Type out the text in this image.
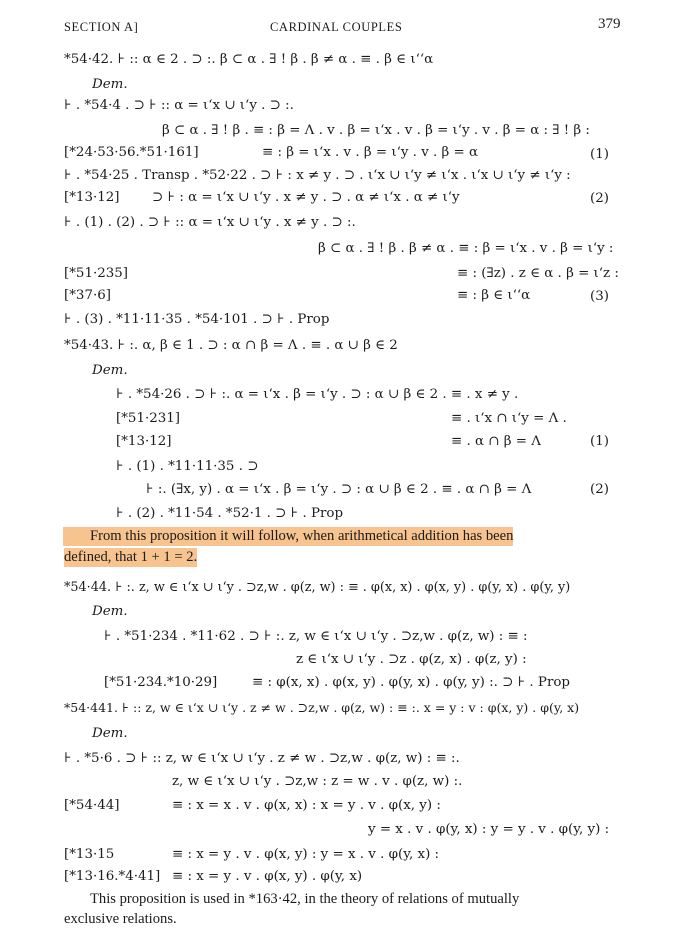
SECTION A]	CARDINAL COUPLES	379
*54·42. ⊦ :: α ∈ 2 . ⊃ :. β ⊂ α . ∃ ! β . β ≠ α . ≡ . β ∈ ι‘‘α
Dem.
⊦ . *54·4 . ⊃ ⊦ :: α = ι‘x ∪ ι‘y . ⊃ :.
β ⊂ α . ∃ ! β . ≡ : β = Λ . v . β = ι‘x . v . β = ι‘y . v . β = α : ∃ ! β :
[*24·53·56.*51·161]	≡ : β = ι‘x . v . β = ι‘y . v . β = α	(1)
⊦ . *54·25 . Transp . *52·22 . ⊃ ⊦ : x ≠ y . ⊃ . ι‘x ∪ ι‘y ≠ ι‘x . ι‘x ∪ ι‘y ≠ ι‘y :
[*13·12] ⊃ ⊦ : α = ι‘x ∪ ι‘y . x ≠ y . ⊃ . α ≠ ι‘x . α ≠ ι‘y	(2)
⊦ . (1) . (2) . ⊃ ⊦ :: α = ι‘x ∪ ι‘y . x ≠ y . ⊃ :.
β ⊂ α . ∃ ! β . β ≠ α . ≡ : β = ι‘x . v . β = ι‘y :
[*51·235]	≡ : (∃z) . z ∈ α . β = ι‘z :
[*37·6]	≡ : β ∈ ι‘‘α	(3)
⊦ . (3) . *11·11·35 . *54·101 . ⊃ ⊦ . Prop
*54·43. ⊦ :. α, β ∈ 1 . ⊃ : α ∩ β = Λ . ≡ . α ∪ β ∈ 2
Dem.
⊦ . *54·26 . ⊃ ⊦ :. α = ι‘x . β = ι‘y . ⊃ : α ∪ β ∈ 2 . ≡ . x ≠ y .
[*51·231]	≡ . ι‘x ∩ ι‘y = Λ .
[*13·12]	≡ . α ∩ β = Λ	(1)
⊦ . (1) . *11·11·35 . ⊃
⊦ :. (∃x, y) . α = ι‘x . β = ι‘y . ⊃ : α ∪ β ∈ 2 . ≡ . α ∩ β = Λ	(2)
⊦ . (2) . *11·54 . *52·1 . ⊃ ⊦ . Prop
From this proposition it will follow, when arithmetical addition has been
defined, that 1 + 1 = 2.
*54·44. ⊦ :. z, w ∈ ι‘x ∪ ι‘y . ⊃z,w . φ(z, w) : ≡ . φ(x, x) . φ(x, y) . φ(y, x) . φ(y, y)
Dem.
⊦ . *51·234 . *11·62 . ⊃ ⊦ :. z, w ∈ ι‘x ∪ ι‘y . ⊃z,w . φ(z, w) : ≡ :
z ∈ ι‘x ∪ ι‘y . ⊃z . φ(z, x) . φ(z, y) :
[*51·234.*10·29]	≡ : φ(x, x) . φ(x, y) . φ(y, x) . φ(y, y) :. ⊃ ⊦ . Prop
*54·441. ⊦ :: z, w ∈ ι‘x ∪ ι‘y . z ≠ w . ⊃z,w . φ(z, w) : ≡ :. x = y : v : φ(x, y) . φ(y, x)
Dem.
⊦ . *5·6 . ⊃ ⊦ :: z, w ∈ ι‘x ∪ ι‘y . z ≠ w . ⊃z,w . φ(z, w) : ≡ :.
z, w ∈ ι‘x ∪ ι‘y . ⊃z,w : z = w . v . φ(z, w) :.
[*54·44]	≡ : x = x . v . φ(x, x) : x = y . v . φ(x, y) :
y = x . v . φ(y, x) : y = y . v . φ(y, y) :
[*13·15	≡ : x = y . v . φ(x, y) : y = x . v . φ(y, x) :
[*13·16.*4·41] ≡ : x = y . v . φ(x, y) . φ(y, x)
This proposition is used in *163·42, in the theory of relations of mutually
exclusive relations.
